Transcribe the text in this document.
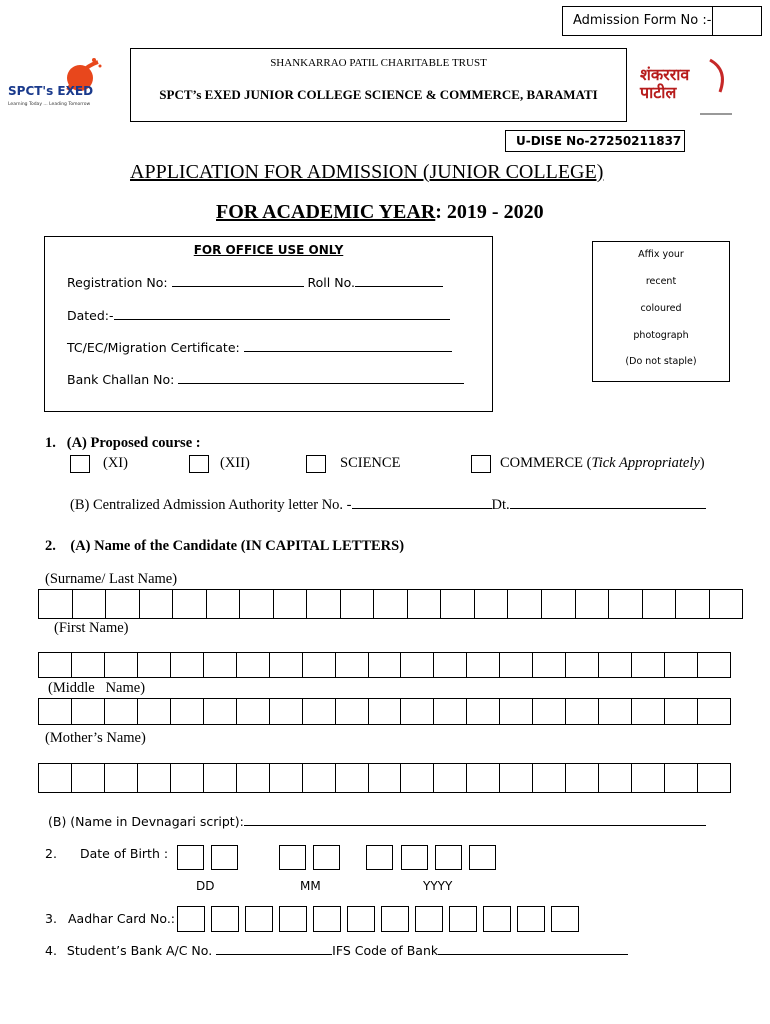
Admission Form No :-
SPCT's EXED
Learning Today ... Leading Tomorrow
SHANKARRAO PATIL CHARITABLE TRUST
SPCT’s EXED JUNIOR COLLEGE SCIENCE & COMMERCE, BARAMATI
शंकरराव पाटील
U-DISE No-27250211837
APPLICATION FOR ADMISSION (JUNIOR COLLEGE)
FOR ACADEMIC YEAR: 2019 - 2020
FOR OFFICE USE ONLY
Registration No:	Roll No.
Dated:-
TC/EC/Migration Certificate:
Bank Challan No:
Affix your
recent
coloured
photograph
(Do not staple)
1.   (A) Proposed course :
(XI)	(XII)	SCIENCE	COMMERCE (Tick Appropriately)
(B) Centralized Admission Authority letter No. -	Dt.
2.    (A) Name of the Candidate (IN CAPITAL LETTERS)
(Surname/ Last Name)
(First Name)
(Middle   Name)
(Mother’s Name)
(B) (Name in Devnagari script):
2. Date of Birth :
DD	MM	YYYY
3. Aadhar Card No.:
4. Student’s Bank A/C No.	IFS Code of Bank
